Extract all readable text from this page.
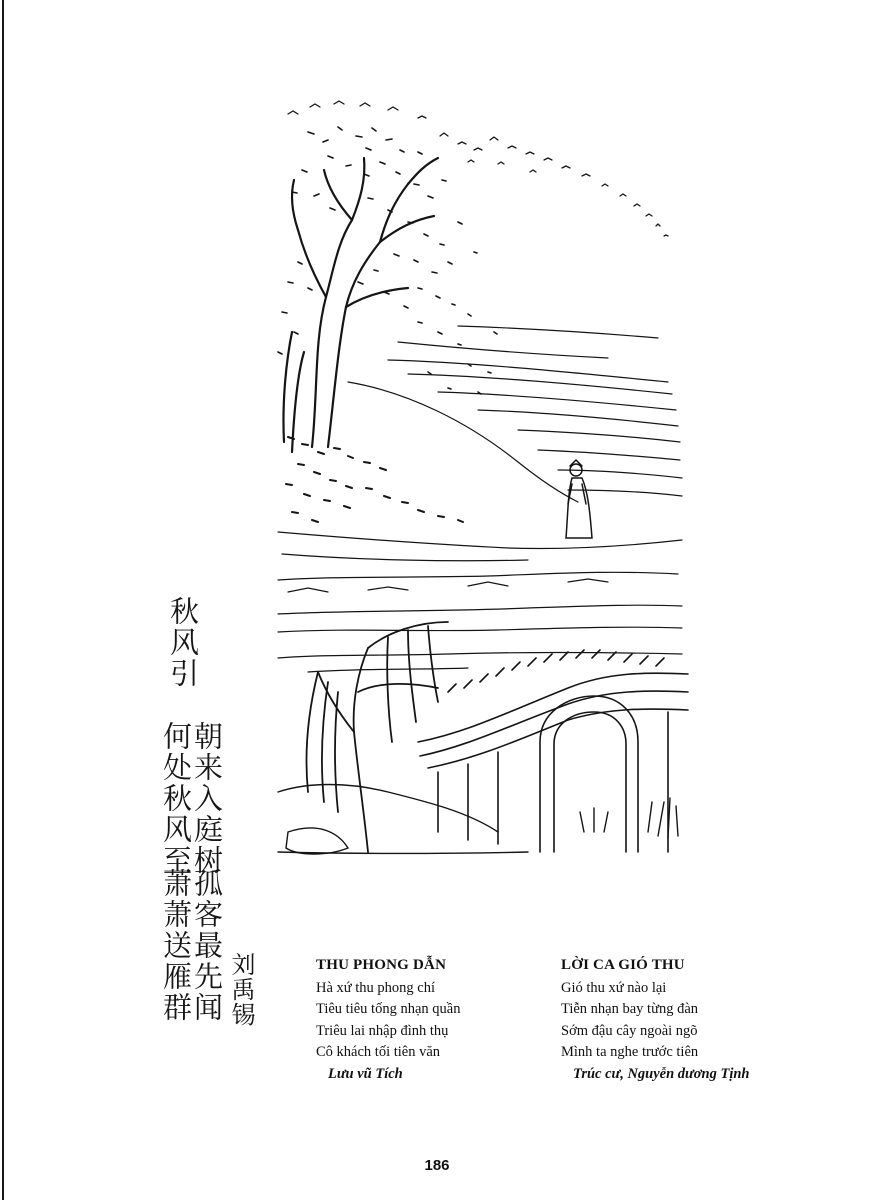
秋风引
朝来入庭树
何处秋风至
孤客最先闻
萧萧送雁群 刘禹锡	THU PHONG DẪN
Hà xứ thu phong chí
Tiêu tiêu tống nhạn quần
Triêu lai nhập đình thụ
Cô khách tối tiên văn
Lưu vũ Tích
LỜI CA GIÓ THU
Gió thu xứ nào lại
Tiễn nhạn bay từng đàn
Sớm đậu cây ngoài ngõ
Mình ta nghe trước tiên
Trúc cư, Nguyễn dương Tịnh
186
